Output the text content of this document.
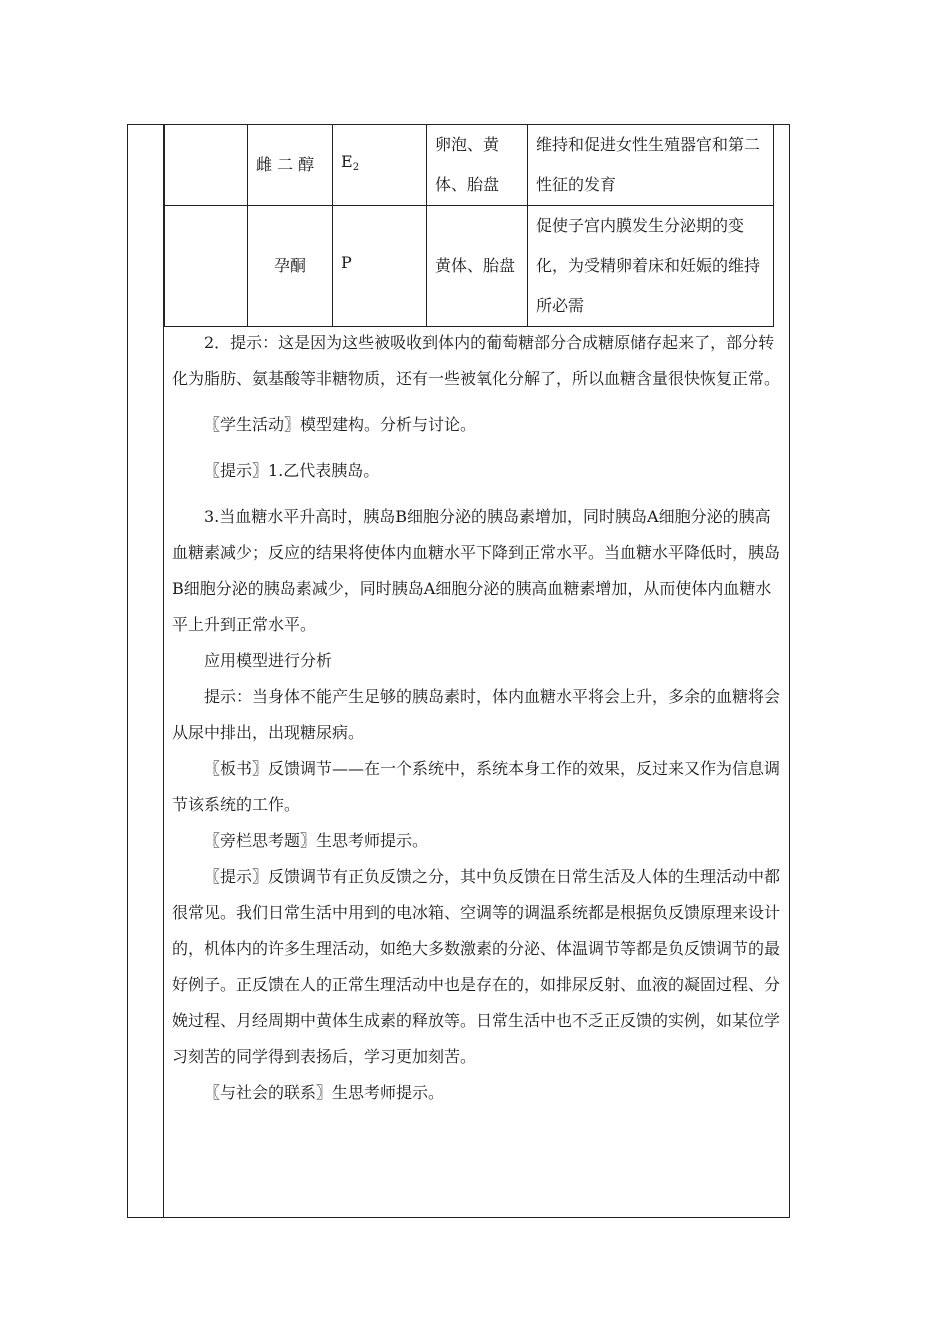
	雌 二 醇	$E_2$	卵泡、黄体、胎盘	维持和促进女性生殖器官和第二性征的发育
	孕酮	P	黄体、胎盘	促使子宫内膜发生分泌期的变化，为受精卵着床和妊娠的维持所必需

2．提示：这是因为这些被吸收到体内的葡萄糖部分合成糖原储存起来了，部分转化为脂肪、氨基酸等非糖物质，还有一些被氧化分解了，所以血糖含量很快恢复正常。

〖学生活动〗模型建构。分析与讨论。

〖提示〗1.乙代表胰岛。

3.当血糖水平升高时，胰岛B细胞分泌的胰岛素增加，同时胰岛A细胞分泌的胰高血糖素减少；反应的结果将使体内血糖水平下降到正常水平。当血糖水平降低时，胰岛B细胞分泌的胰岛素减少，同时胰岛A细胞分泌的胰高血糖素增加，从而使体内血糖水平上升到正常水平。

应用模型进行分析

提示：当身体不能产生足够的胰岛素时，体内血糖水平将会上升，多余的血糖将会从尿中排出，出现糖尿病。

〖板书〗反馈调节——在一个系统中，系统本身工作的效果，反过来又作为信息调节该系统的工作。

〖旁栏思考题〗生思考师提示。

〖提示〗反馈调节有正负反馈之分，其中负反馈在日常生活及人体的生理活动中都很常见。我们日常生活中用到的电冰箱、空调等的调温系统都是根据负反馈原理来设计的，机体内的许多生理活动，如绝大多数激素的分泌、体温调节等都是负反馈调节的最好例子。正反馈在人的正常生理活动中也是存在的，如排尿反射、血液的凝固过程、分娩过程、月经周期中黄体生成素的释放等。日常生活中也不乏正反馈的实例，如某位学习刻苦的同学得到表扬后，学习更加刻苦。

〖与社会的联系〗生思考师提示。
